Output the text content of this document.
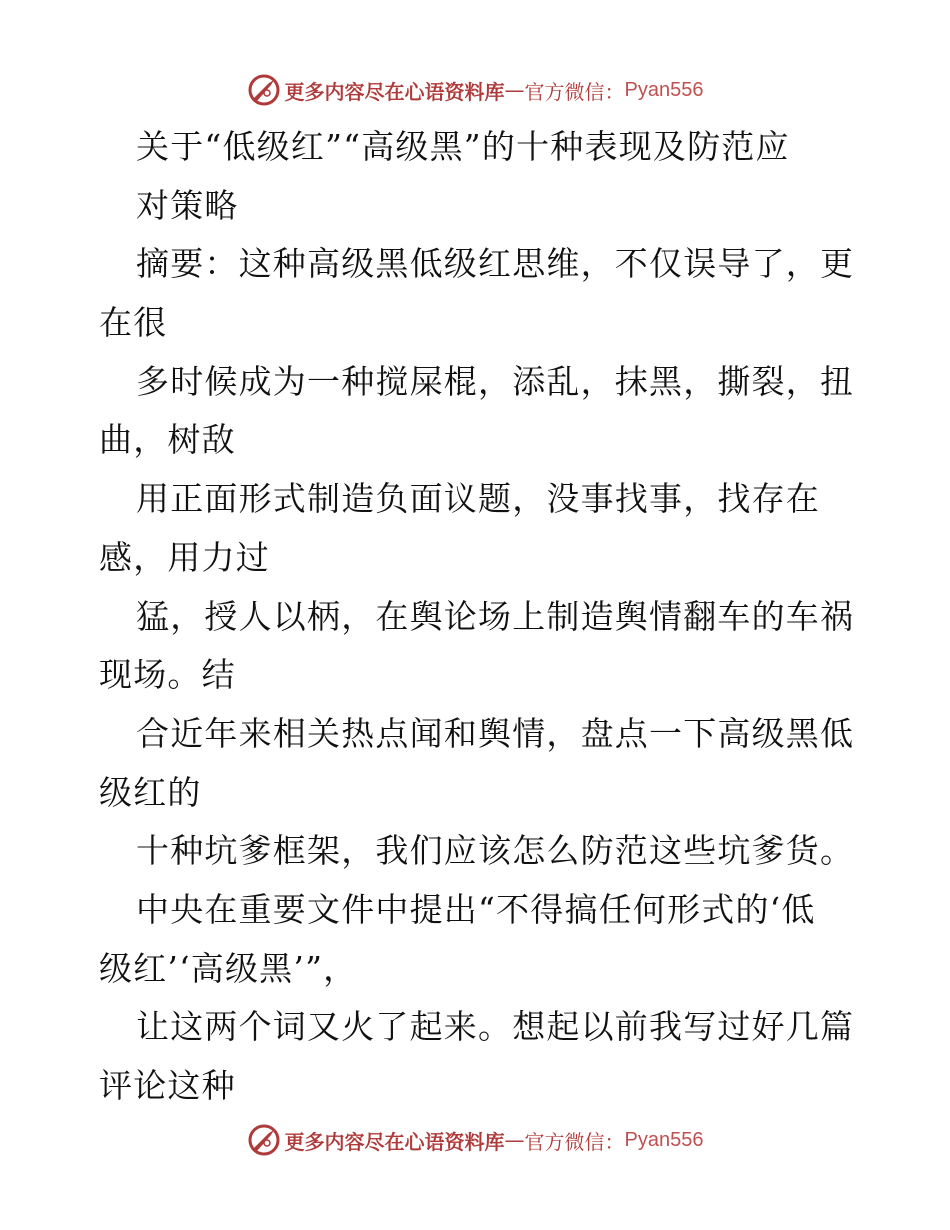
更多内容尽在心语资料库 — 官方微信： Pyan556
关于“低级红”“高级黑”的十种表现及防范应
对策略
摘要：这种高级黑低级红思维，不仅误导了，更
在很
多时候成为一种搅屎棍，添乱，抹黑，撕裂，扭
曲，树敌
用正面形式制造负面议题，没事找事，找存在
感，用力过
猛，授人以柄，在舆论场上制造舆情翻车的车祸
现场。结
合近年来相关热点闻和舆情，盘点一下高级黑低
级红的
十种坑爹框架，我们应该怎么防范这些坑爹货。
中央在重要文件中提出“不得搞任何形式的‘低
级红’‘高级黑’”，
让这两个词又火了起来。想起以前我写过好几篇
评论这种
更多内容尽在心语资料库 — 官方微信： Pyan556
